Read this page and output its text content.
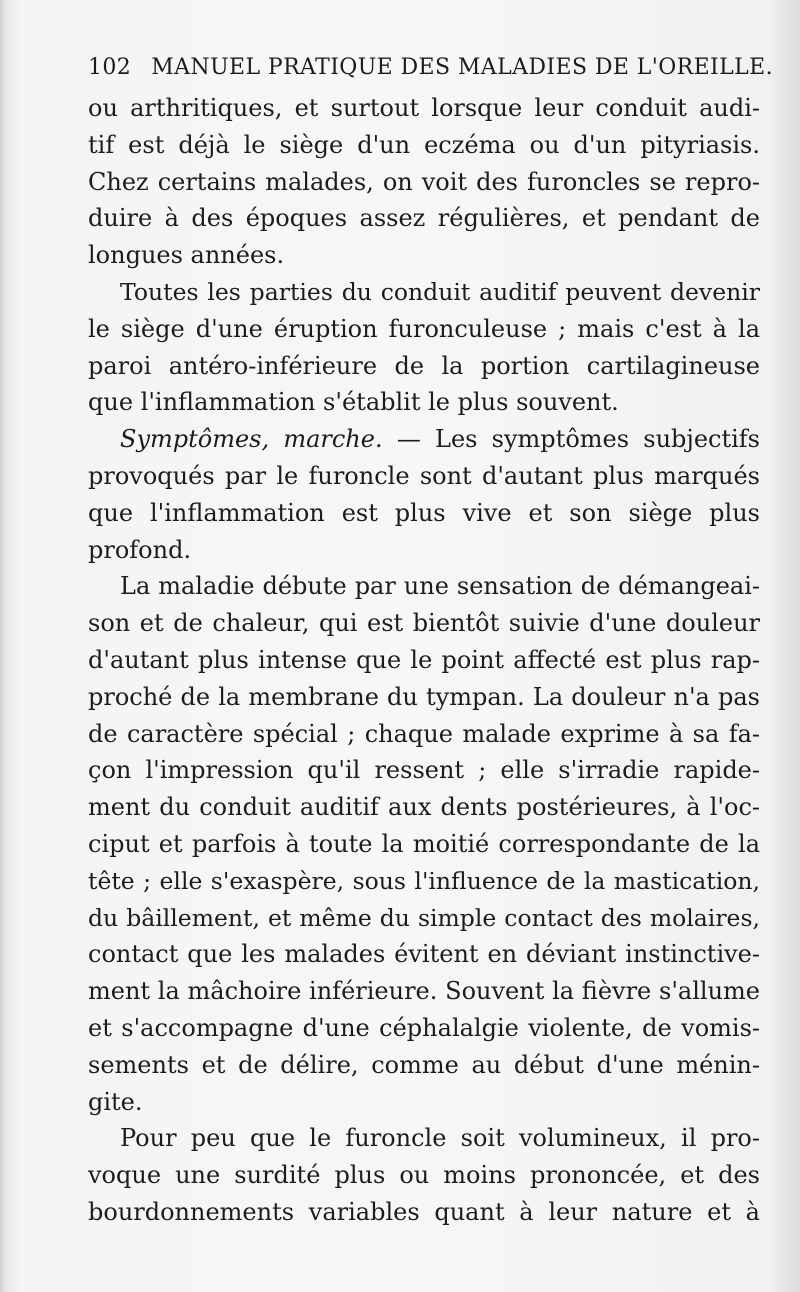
102 MANUEL PRATIQUE DES MALADIES DE L'OREILLE.
ou arthritiques, et surtout lorsque leur conduit audi-
tif est déjà le siège d'un eczéma ou d'un pityriasis.
Chez certains malades, on voit des furoncles se repro-
duire à des époques assez régulières, et pendant de
longues années.
Toutes les parties du conduit auditif peuvent devenir
le siège d'une éruption furonculeuse ; mais c'est à la
paroi antéro-inférieure de la portion cartilagineuse
que l'inflammation s'établit le plus souvent.
Symptômes, marche. — Les symptômes subjectifs
provoqués par le furoncle sont d'autant plus marqués
que l'inflammation est plus vive et son siège plus
profond.
La maladie débute par une sensation de démangeai-
son et de chaleur, qui est bientôt suivie d'une douleur
d'autant plus intense que le point affecté est plus rap-
proché de la membrane du tympan. La douleur n'a pas
de caractère spécial ; chaque malade exprime à sa fa-
çon l'impression qu'il ressent ; elle s'irradie rapide-
ment du conduit auditif aux dents postérieures, à l'oc-
ciput et parfois à toute la moitié correspondante de la
tête ; elle s'exaspère, sous l'influence de la mastication,
du bâillement, et même du simple contact des molaires,
contact que les malades évitent en déviant instinctive-
ment la mâchoire inférieure. Souvent la fièvre s'allume
et s'accompagne d'une céphalalgie violente, de vomis-
sements et de délire, comme au début d'une ménin-
gite.
Pour peu que le furoncle soit volumineux, il pro-
voque une surdité plus ou moins prononcée, et des
bourdonnements variables quant à leur nature et à
